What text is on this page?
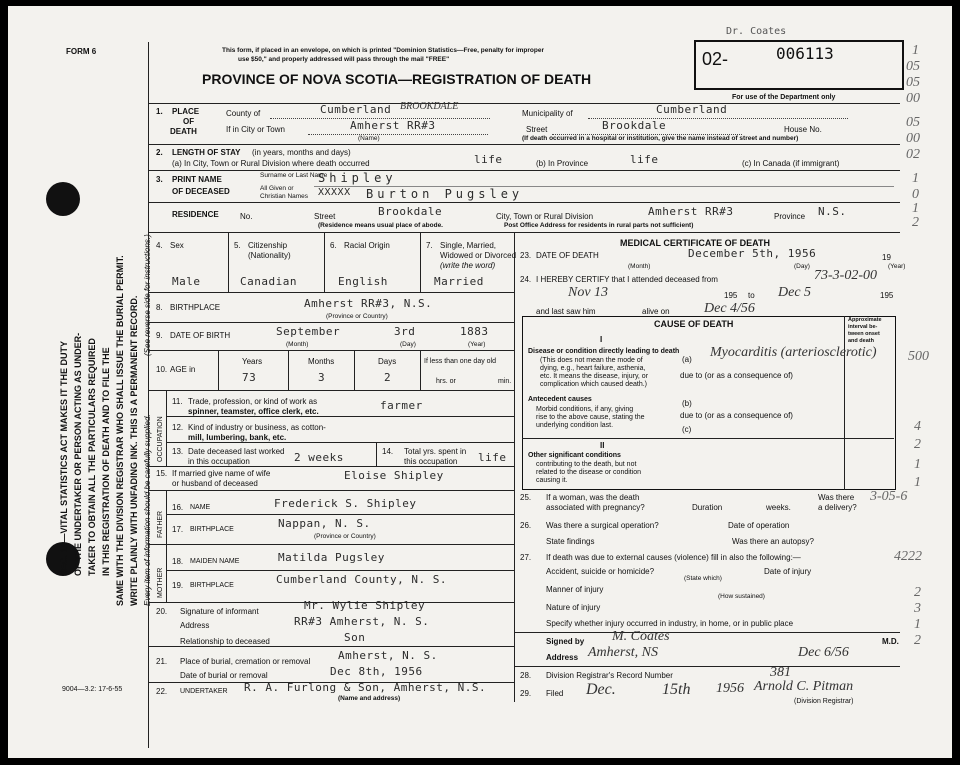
SEC. 14—VITAL STATISTICS ACT MAKES IT THE DUTY OF THE UNDERTAKER OR PERSON ACTING AS UNDER- TAKER TO OBTAIN ALL THE PARTICULARS REQUIRED IN THIS REGISTRATION OF DEATH AND TO FILE THE SAME WITH THE DIVISION REGISTRAR WHO SHALL ISSUE THE BURIAL PERMIT. WRITE PLAINLY WITH UNFADING INK. THIS IS A PERMANENT RECORD. Every item of information should be carefully supplied.
(See reverse side for instructions.)
9004—3.2: 17-6-55
FORM 6	This form, if placed in an envelope, on which is printed "Dominion Statistics—Free, penalty for improper
use $50," and properly addressed will pass through the mail "FREE"
PROVINCE OF NOVA SCOTIA—REGISTRATION OF DEATH
Dr. Coates
02-	006113
For use of the Department only
1. PLACE
OF
DEATH
County of	Cumberland BROOKDALE
Municipality of	Cumberland
If in City or Town	Amherst RR#3	Street	Brookdale	House No.
(Name)	(If death occurred in a hospital or institution, give the name instead of street and number)
2. LENGTH OF STAY (in years, months and days)
(a) In City, Town or Rural Division where death occurred	life	(b) In Province	life	(c) In Canada (if immigrant)
3. PRINT NAME
OF DECEASED
Surname or Last Name
Shipley
All Given or
Christian Names XXXXX Burton Pugsley
RESIDENCE	No.	Street	Brookdale	City, Town or Rural Division	Amherst RR#3	Province N.S.
(Residence means usual place of abode.	Post Office Address for residents in rural parts not sufficient)
4. Sex
Male
5. Citizenship
(Nationality)
Canadian
6. Racial Origin
English
7. Single, Married,
Widowed or Divorced
(write the word)
Married
8. BIRTHPLACE	Amherst RR#3, N.S.
(Province or Country)
9. DATE OF BIRTH	September	3rd	1883
(Month)	(Day)	(Year)
10. AGE in
Years	Months	Days
73	3	2
If less than one day old
hrs. or	min.
OCCUPATION
11. Trade, profession, or kind of work as
spinner, teamster, office clerk, etc.	farmer
12. Kind of industry or business, as cotton-
mill, lumbering, bank, etc.
13. Date deceased last worked
in this occupation	2 weeks	14. Total yrs. spent in
this occupation life
15. If married give name of wife
or husband of deceased
Eloise Shipley
FATHER
16. NAME	Frederick S. Shipley
17. BIRTHPLACE	Nappan, N. S.
(Province or Country)
MOTHER
18. MAIDEN NAME	Matilda Pugsley
19. BIRTHPLACE	Cumberland County, N. S.
20. Signature of informant	Mr. Wylie Shipley
Address	RR#3 Amherst, N. S.
Relationship to deceased	Son
21. Place of burial, cremation or removal	Amherst, N. S.
Date of burial or removal	Dec 8th, 1956
22. UNDERTAKER R. A. Furlong & Son, Amherst, N.S.
(Name and address)
MEDICAL CERTIFICATE OF DEATH
23. DATE OF DEATH	December 5th, 1956	19
(Month)	(Day)	(Year)
24. I HEREBY CERTIFY that I attended deceased from	73-3-02-00
Nov 13	195 to Dec 5	195
and last saw him	alive on Dec 4/56
CAUSE OF DEATH	Approximate
interval be-
tween onset
and death
I
Disease or condition directly leading to death
(This does not mean the mode of
dying, e.g., heart failure, asthenia,
etc. It means the disease, injury, or
complication which caused death.)
(a) Myocarditis (arteriosclerotic)
due to (or as a consequence of)
Antecedent causes
Morbid conditions, if any, giving
rise to the above cause, stating the
underlying condition last.
(b)
due to (or as a consequence of)
(c)
II
Other significant conditions
contributing to the death, but not
related to the disease or condition
causing it.
25. If a woman, was the death
associated with pregnancy?	Duration	weeks.
Was there
a delivery?
26. Was there a surgical operation?	Date of operation
State findings	Was there an autopsy?
27. If death was due to external causes (violence) fill in also the following:—
Accident, suicide or homicide?
(State which)
Date of injury
Manner of injury
(How sustained)
Nature of injury
Specify whether injury occurred in industry, in home, or in public place
Signed by M. Coates	M.D.
Address Amherst, NS	Dec 6/56
28. Division Registrar's Record Number	381
29. Filed Dec.	15th 1956 Arnold C. Pitman
(Division Registrar)
1
05
05
00
05
00
02
1
0
1
2
500
3-05-6
4222
4
2
1
1
2
3
1
2
